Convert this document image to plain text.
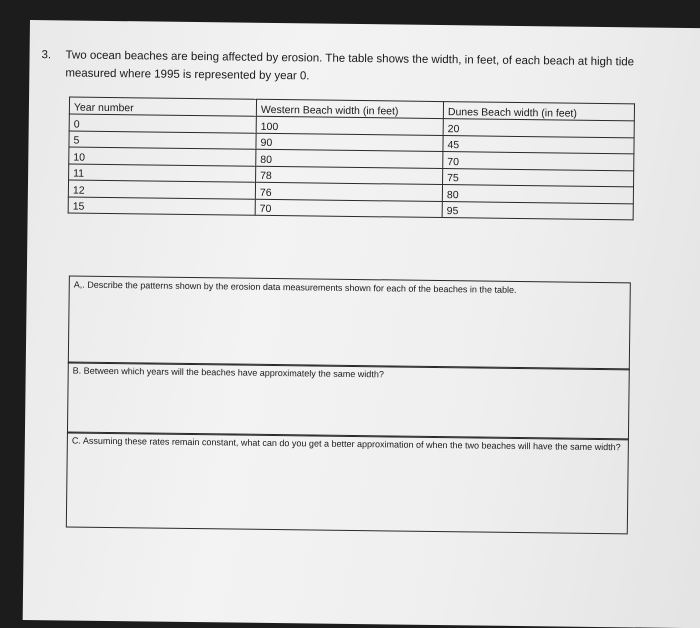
3. Two ocean beaches are being affected by erosion. The table shows the width, in feet, of each beach at high tide measured where 1995 is represented by year 0.
Year number	Western Beach width (in feet)	Dunes Beach width (in feet)
0	100	20
5	90	45
10	80	70
11	78	75
12	76	80
15	70	95
A,. Describe the patterns shown by the erosion data measurements shown for each of the beaches in the table.
B. Between which years will the beaches have approximately the same width?
C. Assuming these rates remain constant, what can do you get a better approximation of when the two beaches will have the same width?
